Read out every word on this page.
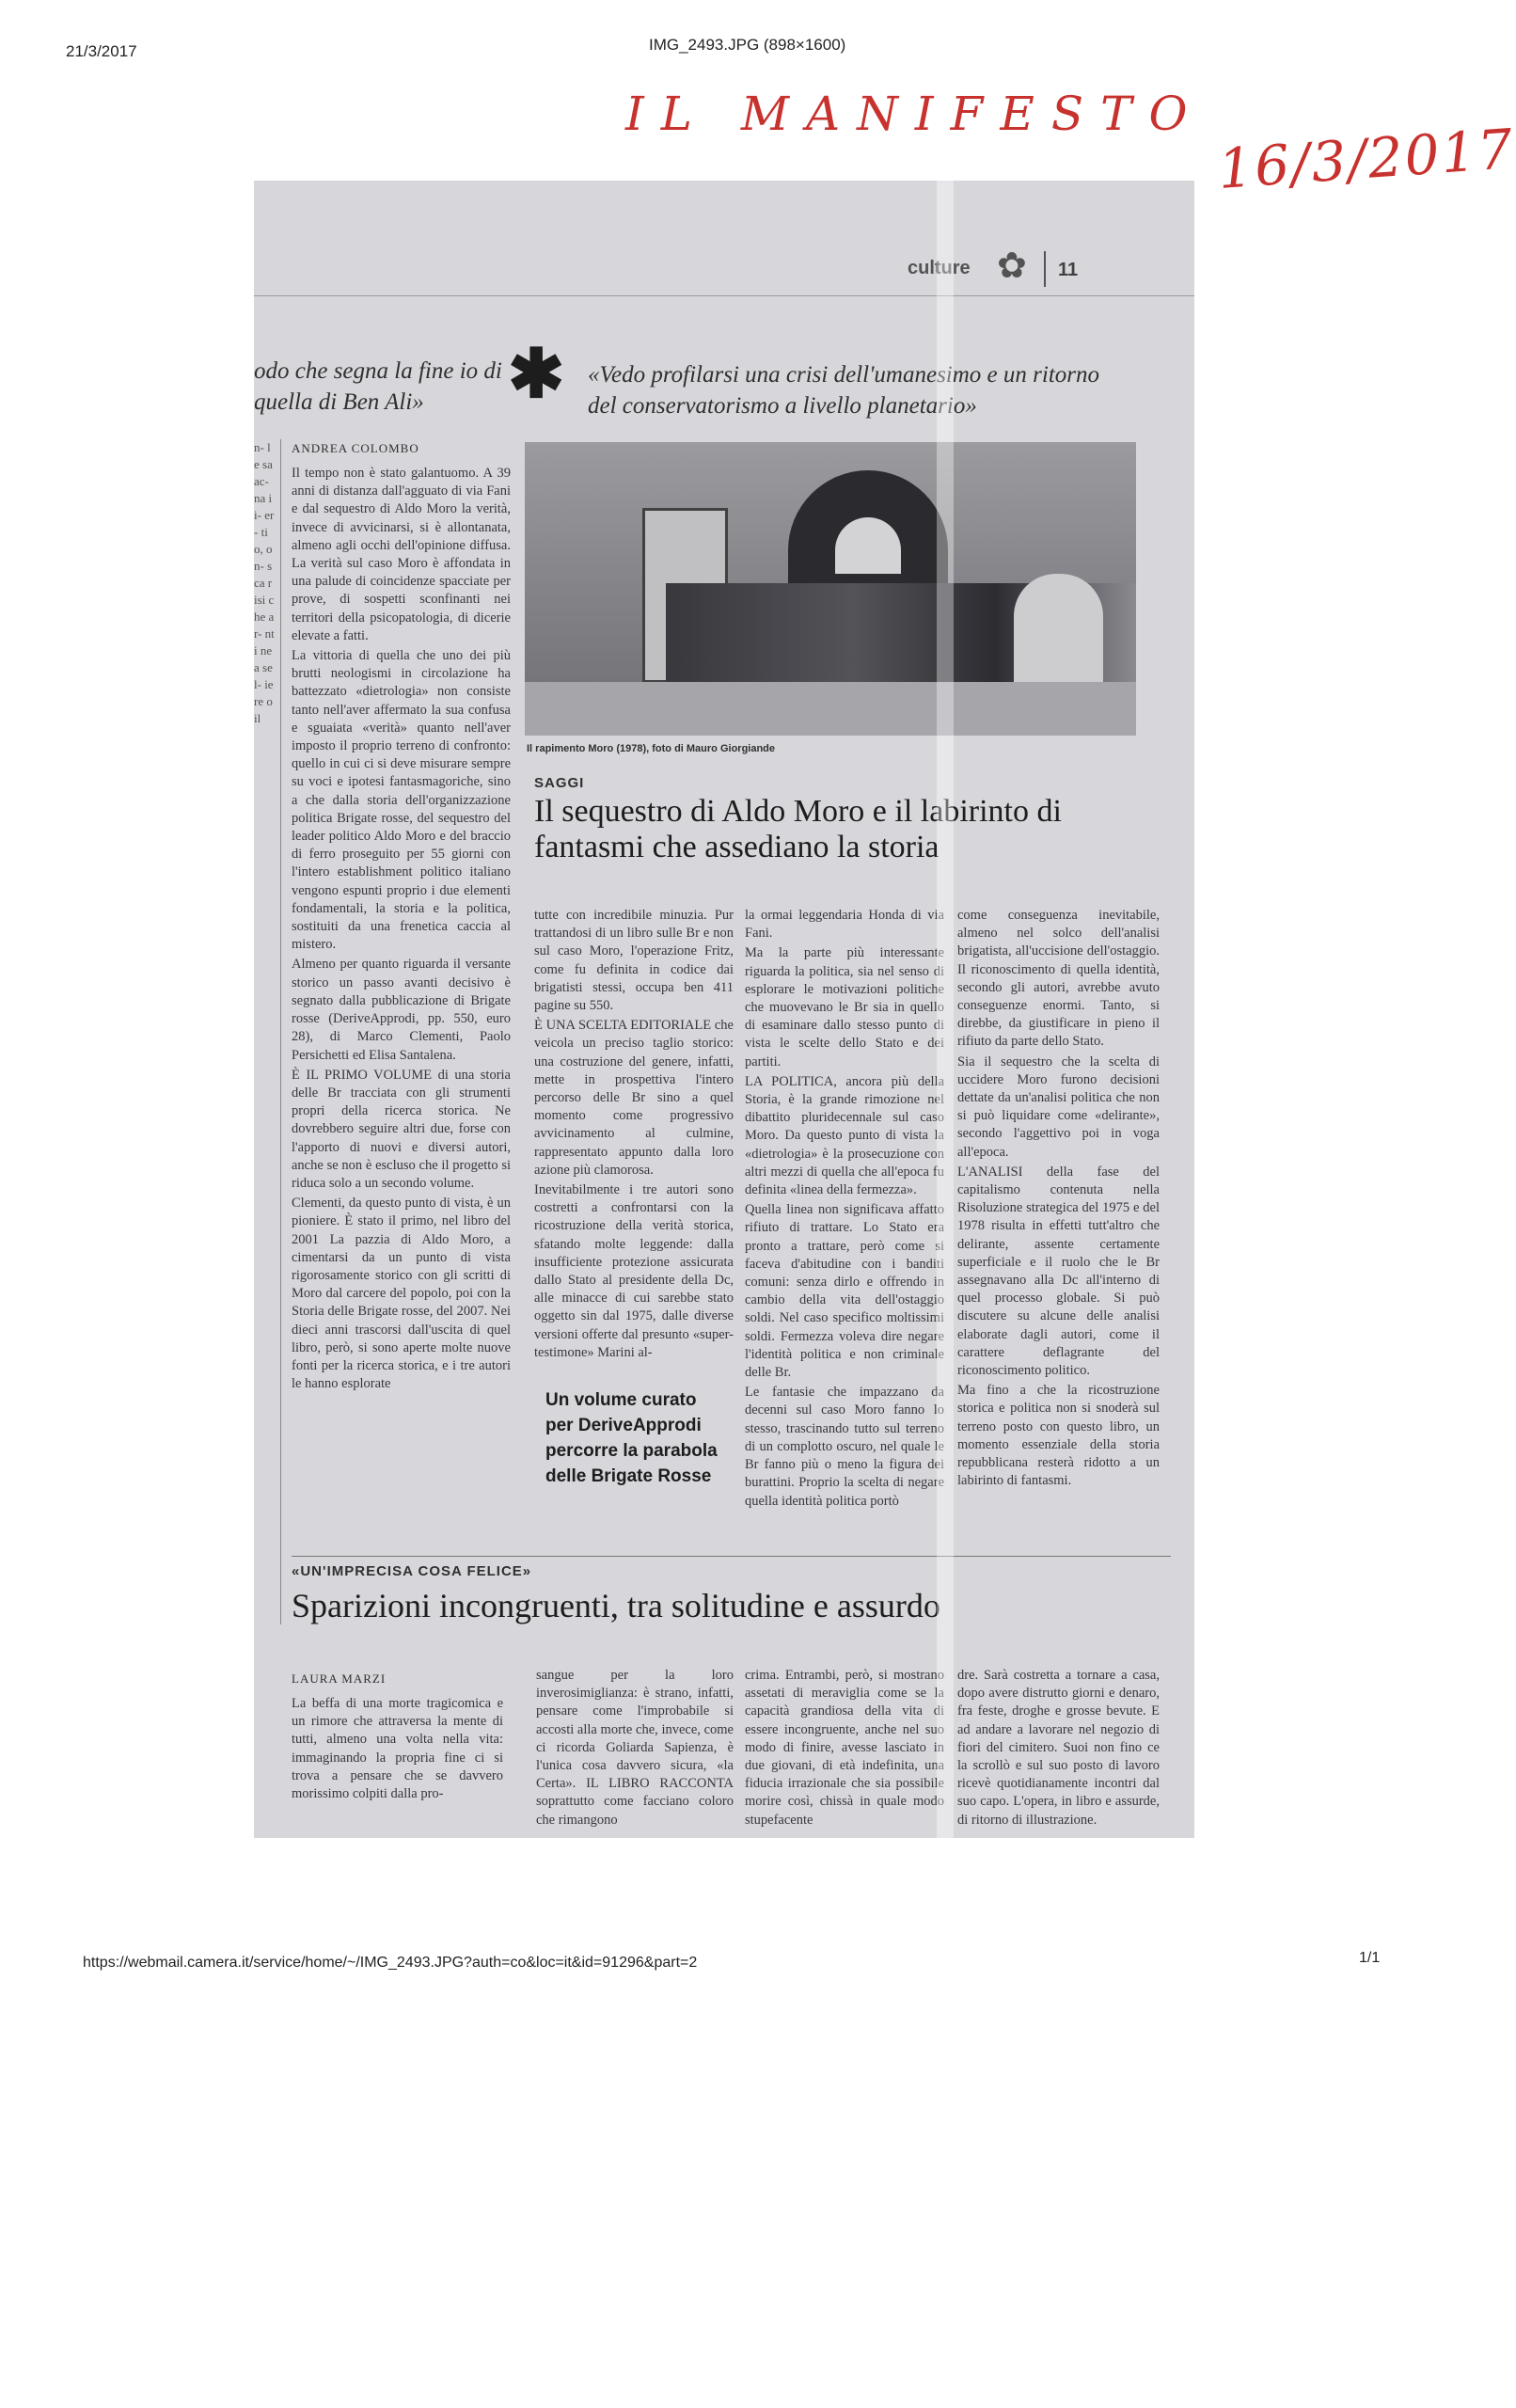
21/3/2017	IMG_2493.JPG (898×1600)
IL MANIFESTO
16/3/2017
culture ✿ 11
odo che segna la fine io di quella di Ben Ali»	✱ «Vedo profilarsi una crisi dell'umanesimo e un ritorno del conservatorismo a livello planetario»
n- le sa ac- na ii- er- tio, on- sca risi che ar- nti ne a sel- iere o il
ANDREA COLOMBO
Il rapimento Moro (1978), foto di Mauro Giorgiande

Il tempo non è stato galantuomo. A 39 anni di distanza dall'agguato di via Fani e dal sequestro di Aldo Moro la verità, invece di avvicinarsi, si è allontanata, almeno agli occhi dell'opinione diffusa. La verità sul caso Moro è affondata in una palude di coincidenze spacciate per prove, di sospetti sconfinanti nei territori della psicopatologia, di dicerie elevate a fatti.

La vittoria di quella che uno dei più brutti neologismi in circolazione ha battezzato «dietrologia» non consiste tanto nell'aver affermato la sua confusa e sguaiata «verità» quanto nell'aver imposto il proprio terreno di confronto: quello in cui ci si deve misurare sempre su voci e ipotesi fantasmagoriche, sino a che dalla storia dell'organizzazione politica Brigate rosse, del sequestro del leader politico Aldo Moro e del braccio di ferro proseguito per 55 giorni con l'intero establishment politico italiano vengono espunti proprio i due elementi fondamentali, la storia e la politica, sostituiti da una frenetica caccia al mistero.

Almeno per quanto riguarda il versante storico un passo avanti decisivo è segnato dalla pubblicazione di Brigate rosse (DeriveApprodi, pp. 550, euro 28), di Marco Clementi, Paolo Persichetti ed Elisa Santalena.

È IL PRIMO VOLUME di una storia delle Br tracciata con gli strumenti propri della ricerca storica. Ne dovrebbero seguire altri due, forse con l'apporto di nuovi e diversi autori, anche se non è escluso che il progetto si riduca solo a un secondo volume.

Clementi, da questo punto di vista, è un pioniere. È stato il primo, nel libro del 2001 La pazzia di Aldo Moro, a cimentarsi da un punto di vista rigorosamente storico con gli scritti di Moro dal carcere del popolo, poi con la Storia delle Brigate rosse, del 2007. Nei dieci anni trascorsi dall'uscita di quel libro, però, si sono aperte molte nuove fonti per la ricerca storica, e i tre autori le hanno esplorate

SAGGI
Il sequestro di Aldo Moro e il labirinto di fantasmi che assediano la storia

tutte con incredibile minuzia. Pur trattandosi di un libro sulle Br e non sul caso Moro, l'operazione Fritz, come fu definita in codice dai brigatisti stessi, occupa ben 411 pagine su 550.

È UNA SCELTA EDITORIALE che veicola un preciso taglio storico: una costruzione del genere, infatti, mette in prospettiva l'intero percorso delle Br sino a quel momento come progressivo avvicinamento al culmine, rappresentato appunto dalla loro azione più clamorosa.

Inevitabilmente i tre autori sono costretti a confrontarsi con la ricostruzione della verità storica, sfatando molte leggende: dalla insufficiente protezione assicurata dallo Stato al presidente della Dc, alle minacce di cui sarebbe stato oggetto sin dal 1975, dalle diverse versioni offerte dal presunto «super-testimone» Marini al-

Un volume curato per DeriveApprodi percorre la parabola delle Brigate Rosse

la ormai leggendaria Honda di via Fani.

Ma la parte più interessante riguarda la politica, sia nel senso di esplorare le motivazioni politiche che muovevano le Br sia in quello di esaminare dallo stesso punto di vista le scelte dello Stato e dei partiti.

LA POLITICA, ancora più della Storia, è la grande rimozione nel dibattito pluridecennale sul caso Moro. Da questo punto di vista la «dietrologia» è la prosecuzione con altri mezzi di quella che all'epoca fu definita «linea della fermezza».

Quella linea non significava affatto rifiuto di trattare. Lo Stato era pronto a trattare, però come si faceva d'abitudine con i banditi comuni: senza dirlo e offrendo in cambio della vita dell'ostaggio soldi. Nel caso specifico moltissimi soldi. Fermezza voleva dire negare l'identità politica e non criminale delle Br.

Le fantasie che impazzano da decenni sul caso Moro fanno lo stesso, trascinando tutto sul terreno di un complotto oscuro, nel quale le Br fanno più o meno la figura dei burattini. Proprio la scelta di negare quella identità politica portò

come conseguenza inevitabile, almeno nel solco dell'analisi brigatista, all'uccisione dell'ostaggio. Il riconoscimento di quella identità, secondo gli autori, avrebbe avuto conseguenze enormi. Tanto, si direbbe, da giustificare in pieno il rifiuto da parte dello Stato.

Sia il sequestro che la scelta di uccidere Moro furono decisioni dettate da un'analisi politica che non si può liquidare come «delirante», secondo l'aggettivo poi in voga all'epoca.

L'ANALISI della fase del capitalismo contenuta nella Risoluzione strategica del 1975 e del 1978 risulta in effetti tutt'altro che delirante, assente certamente superficiale e il ruolo che le Br assegnavano alla Dc all'interno di quel processo globale. Si può discutere su alcune delle analisi elaborate dagli autori, come il carattere deflagrante del riconoscimento politico.

Ma fino a che la ricostruzione storica e politica non si snoderà sul terreno posto con questo libro, un momento essenziale della storia repubblicana resterà ridotto a un labirinto di fantasmi.

«UN'IMPRECISA COSA FELICE»
Sparizioni incongruenti, tra solitudine e assurdo
LAURA MARZI
La beffa di una morte tragicomica e un rimore che attraversa la mente di tutti, almeno una volta nella vita: immaginando la propria fine ci si trova a pensare che se davvero morissimo colpiti dalla pro-
sangue per la loro inverosimiglianza: è strano, infatti, pensare come l'improbabile si accosti alla morte che, invece, come ci ricorda Goliarda Sapienza, è l'unica cosa davvero sicura, «la Certa». IL LIBRO RACCONTA soprattutto come facciano coloro che rimangono
crima. Entrambi, però, si mostrano assetati di meraviglia come se la capacità grandiosa della vita di essere incongruente, anche nel suo modo di finire, avesse lasciato in due giovani, di età indefinita, una fiducia irrazionale che sia possibile morire così, chissà in quale modo stupefacente
dre. Sarà costretta a tornare a casa, dopo avere distrutto giorni e denaro, fra feste, droghe e grosse bevute. E ad andare a lavorare nel negozio di fiori del cimitero. Suoi non fino ce la scrollò e sul suo posto di lavoro ricevè quotidianamente incontri dal suo capo. L'opera, in libro e assurde, di ritorno di illustrazione.
https://webmail.camera.it/service/home/~/IMG_2493.JPG?auth=co&loc=it&id=91296&part=2	1/1
